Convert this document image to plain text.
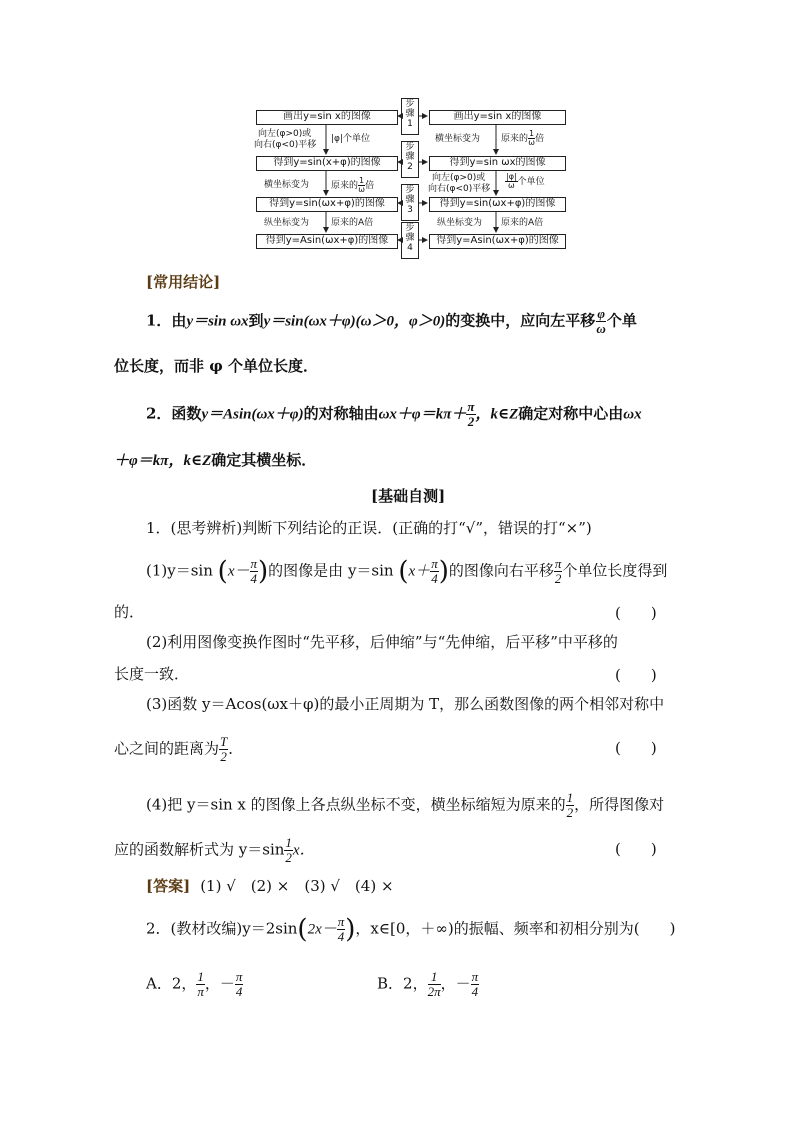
画出y=sin x的图像
得到y=sin(x+φ)的图像
得到y=sin(ωx+φ)的图像
得到y=Asin(ωx+φ)的图像
画出y=sin x的图像
得到y=sin ωx的图像
得到y=sin(ωx+φ)的图像
得到y=Asin(ωx+φ)的图像
步
骤
1
步
骤
2
步
骤
3
步
骤
4
向左(φ>0)或
向右(φ<0)平移
|φ|个单位
横坐标变为 原来的 $\frac{1}{\omega}$ 倍
纵坐标变为 原来的A倍
横坐标变为 原来的 $\frac{1}{\omega}$ 倍
向左(φ>0)或
向右(φ<0)平移 $\frac{|\varphi|}{\omega}$ 个单位
纵坐标变为 原来的A倍
[常用结论]
1．由y＝sin ωx到y＝sin(ωx＋φ)(ω＞0，φ＞0)的变换中，应向左平移 $\frac{\varphi}{\omega}$ 个单
位长度，而非 φ 个单位长度．
2．函数y＝Asin(ωx＋φ)的对称轴由$\omega x+\varphi=k\pi+ \frac{\pi}{2}$ ，k∈Z确定对称中心由ωx
＋φ＝kπ，k∈Z确定其横坐标．
[基础自测]
1．(思考辨析)判断下列结论的正误．(正确的打“√”，错误的打“×”)
(1)y＝sin ($x- \frac{\pi}{4}$ )的图像是由 y＝sin ($x+ \frac{\pi}{4}$ )的图像向右平移 $\frac{\pi}{2}$ 个单位长度得到
的．	(　　)
(2)利用图像变换作图时“先平移，后伸缩”与“先伸缩，后平移”中平移的
长度一致．	(　　)
(3)函数 y＝Acos(ωx＋φ)的最小正周期为 T，那么函数图像的两个相邻对称中
心之间的距离为 $\frac{T}{2}$ ．	(　　)
(4)把 y＝sin x 的图像上各点纵坐标不变，横坐标缩短为原来的 $\frac{1}{2}$ ，所得图像对
应的函数解析式为 $y=\sin \frac{1}{2}$ x．	(　　)
[答案] (1) √　(2) ×　(3) √　(4) ×
2．(教材改编)$y=2\sin(2x- \frac{\pi}{4}$ )，x∈[0，＋∞)的振幅、频率和初相分别为(　　)
A．2， $\frac{1}{\pi}$ ，－ $\frac{\pi}{4}$	B．2， $\frac{1}{2\pi}$ ，－ $\frac{\pi}{4}$
